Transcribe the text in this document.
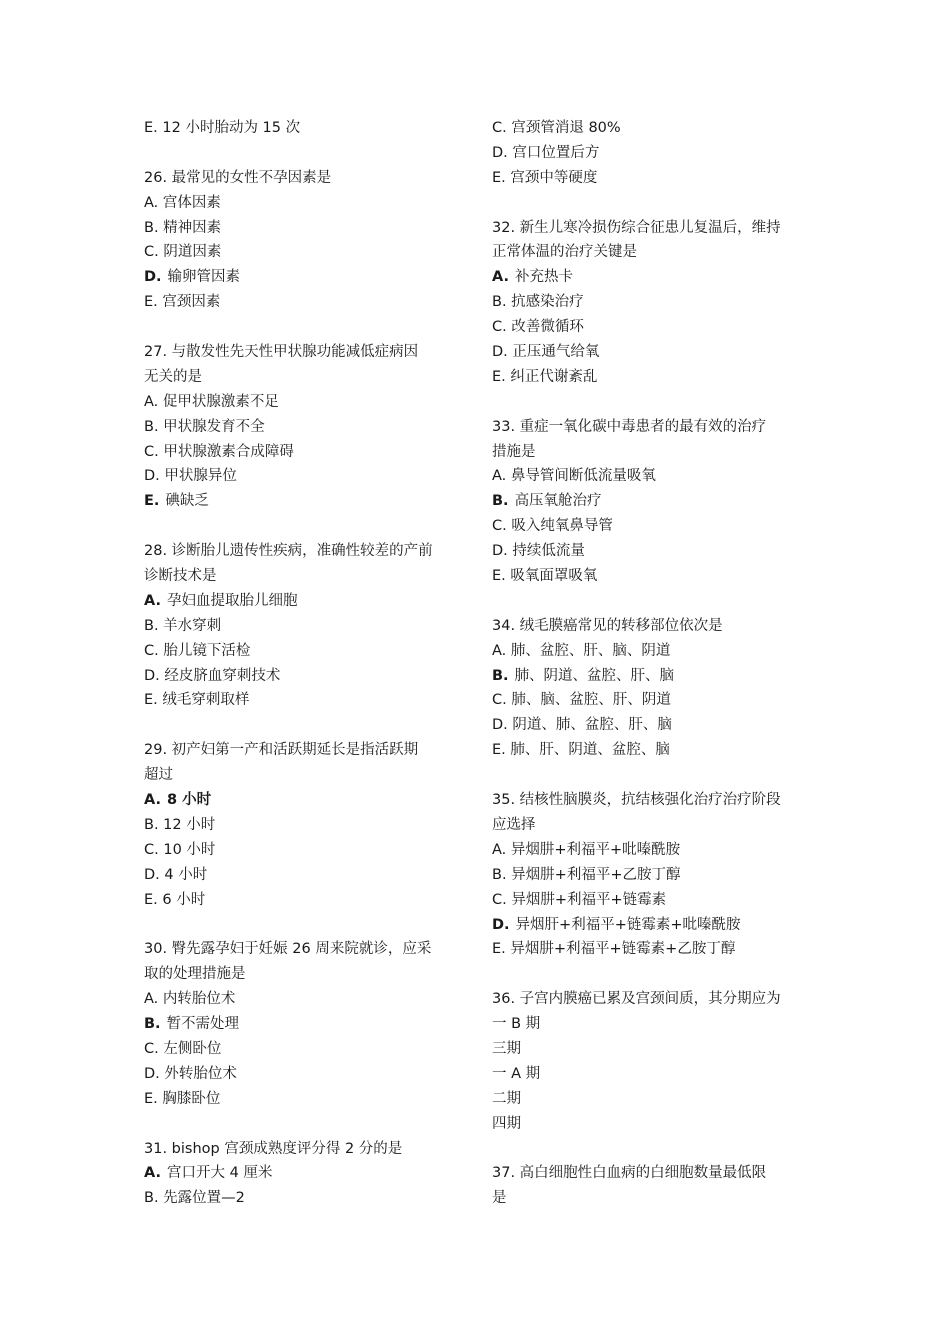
E. 12 小时胎动为 15 次
26. 最常见的女性不孕因素是
A. 宫体因素
B. 精神因素
C. 阴道因素
D. 输卵管因素
E. 宫颈因素
27. 与散发性先天性甲状腺功能减低症病因
无关的是
A. 促甲状腺激素不足
B. 甲状腺发育不全
C. 甲状腺激素合成障碍
D. 甲状腺异位
E. 碘缺乏
28. 诊断胎儿遗传性疾病，准确性较差的产前
诊断技术是
A. 孕妇血提取胎儿细胞
B. 羊水穿刺
C. 胎儿镜下活检
D. 经皮脐血穿刺技术
E. 绒毛穿刺取样
29. 初产妇第一产和活跃期延长是指活跃期
超过
A. 8 小时
B. 12 小时
C. 10 小时
D. 4 小时
E. 6 小时
30. 臀先露孕妇于妊娠 26 周来院就诊，应采
取的处理措施是
A. 内转胎位术
B. 暂不需处理
C. 左侧卧位
D. 外转胎位术
E. 胸膝卧位
31. bishop 宫颈成熟度评分得 2 分的是
A. 宫口开大 4 厘米
B. 先露位置—2
C. 宫颈管消退 80%
D. 宫口位置后方
E. 宫颈中等硬度
32. 新生儿寒冷损伤综合征患儿复温后，维持
正常体温的治疗关键是
A. 补充热卡
B. 抗感染治疗
C. 改善微循环
D. 正压通气给氧
E. 纠正代谢紊乱
33. 重症一氧化碳中毒患者的最有效的治疗
措施是
A. 鼻导管间断低流量吸氧
B. 高压氧舱治疗
C. 吸入纯氧鼻导管
D. 持续低流量
E. 吸氧面罩吸氧
34. 绒毛膜癌常见的转移部位依次是
A. 肺、盆腔、肝、脑、阴道
B. 肺、阴道、盆腔、肝、脑
C. 肺、脑、盆腔、肝、阴道
D. 阴道、肺、盆腔、肝、脑
E. 肺、肝、阴道、盆腔、脑
35. 结核性脑膜炎，抗结核强化治疗治疗阶段
应选择
A. 异烟肼+利福平+吡嗪酰胺
B. 异烟肼+利福平+乙胺丁醇
C. 异烟肼+利福平+链霉素
D. 异烟肝+利福平+链霉素+吡嗪酰胺
E. 异烟肼+利福平+链霉素+乙胺丁醇
36. 子宫内膜癌已累及宫颈间质，其分期应为
一 B 期
三期
一 A 期
二期
四期
37. 高白细胞性白血病的白细胞数量最低限
是
